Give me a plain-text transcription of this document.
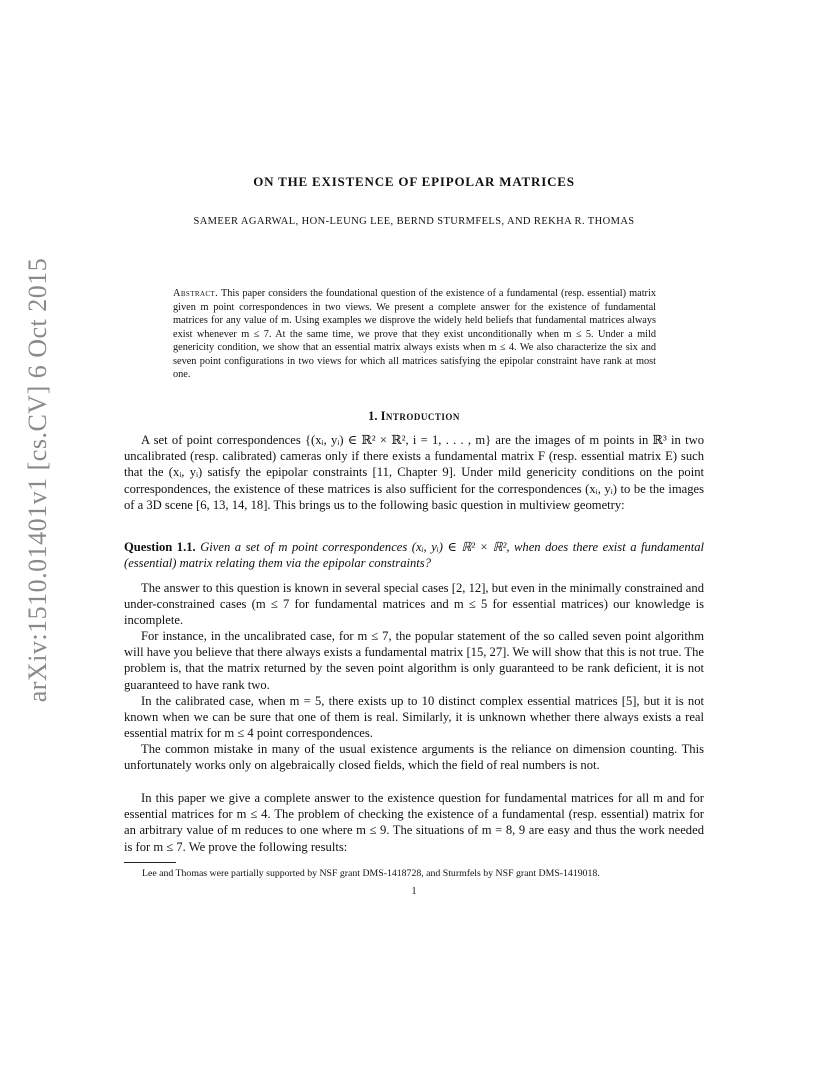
arXiv:1510.01401v1 [cs.CV] 6 Oct 2015
ON THE EXISTENCE OF EPIPOLAR MATRICES

SAMEER AGARWAL, HON-LEUNG LEE, BERND STURMFELS, AND REKHA R. THOMAS

Abstract. This paper considers the foundational question of the existence of a fundamental (resp. essential) matrix given m point correspondences in two views. We present a complete answer for the existence of fundamental matrices for any value of m. Using examples we disprove the widely held beliefs that fundamental matrices always exist whenever m ≤ 7. At the same time, we prove that they exist unconditionally when m ≤ 5. Under a mild genericity condition, we show that an essential matrix always exists when m ≤ 4. We also characterize the six and seven point configurations in two views for which all matrices satisfying the epipolar constraint have rank at most one.

1. Introduction

A set of point correspondences {(xᵢ, yᵢ) ∈ ℝ² × ℝ², i = 1, . . . , m} are the images of m points in ℝ³ in two uncalibrated (resp. calibrated) cameras only if there exists a fundamental matrix F (resp. essential matrix E) such that the (xᵢ, yᵢ) satisfy the epipolar constraints [11, Chapter 9]. Under mild genericity conditions on the point correspondences, the existence of these matrices is also sufficient for the correspondences (xᵢ, yᵢ) to be the images of a 3D scene [6, 13, 14, 18]. This brings us to the following basic question in multiview geometry:

Question 1.1. Given a set of m point correspondences (xᵢ, yᵢ) ∈ ℝ² × ℝ², when does there exist a fundamental (essential) matrix relating them via the epipolar constraints?

The answer to this question is known in several special cases [2, 12], but even in the minimally constrained and under-constrained cases (m ≤ 7 for fundamental matrices and m ≤ 5 for essential matrices) our knowledge is incomplete.

For instance, in the uncalibrated case, for m ≤ 7, the popular statement of the so called seven point algorithm will have you believe that there always exists a fundamental matrix [15, 27]. We will show that this is not true. The problem is, that the matrix returned by the seven point algorithm is only guaranteed to be rank deficient, it is not guaranteed to have rank two.

In the calibrated case, when m = 5, there exists up to 10 distinct complex essential matrices [5], but it is not known when we can be sure that one of them is real. Similarly, it is unknown whether there always exists a real essential matrix for m ≤ 4 point correspondences.

The common mistake in many of the usual existence arguments is the reliance on dimension counting. This unfortunately works only on algebraically closed fields, which the field of real numbers is not.

In this paper we give a complete answer to the existence question for fundamental matrices for all m and for essential matrices for m ≤ 4. The problem of checking the existence of a fundamental (resp. essential) matrix for an arbitrary value of m reduces to one where m ≤ 9. The situations of m = 8, 9 are easy and thus the work needed is for m ≤ 7. We prove the following results:

Lee and Thomas were partially supported by NSF grant DMS-1418728, and Sturmfels by NSF grant DMS-1419018.

1
